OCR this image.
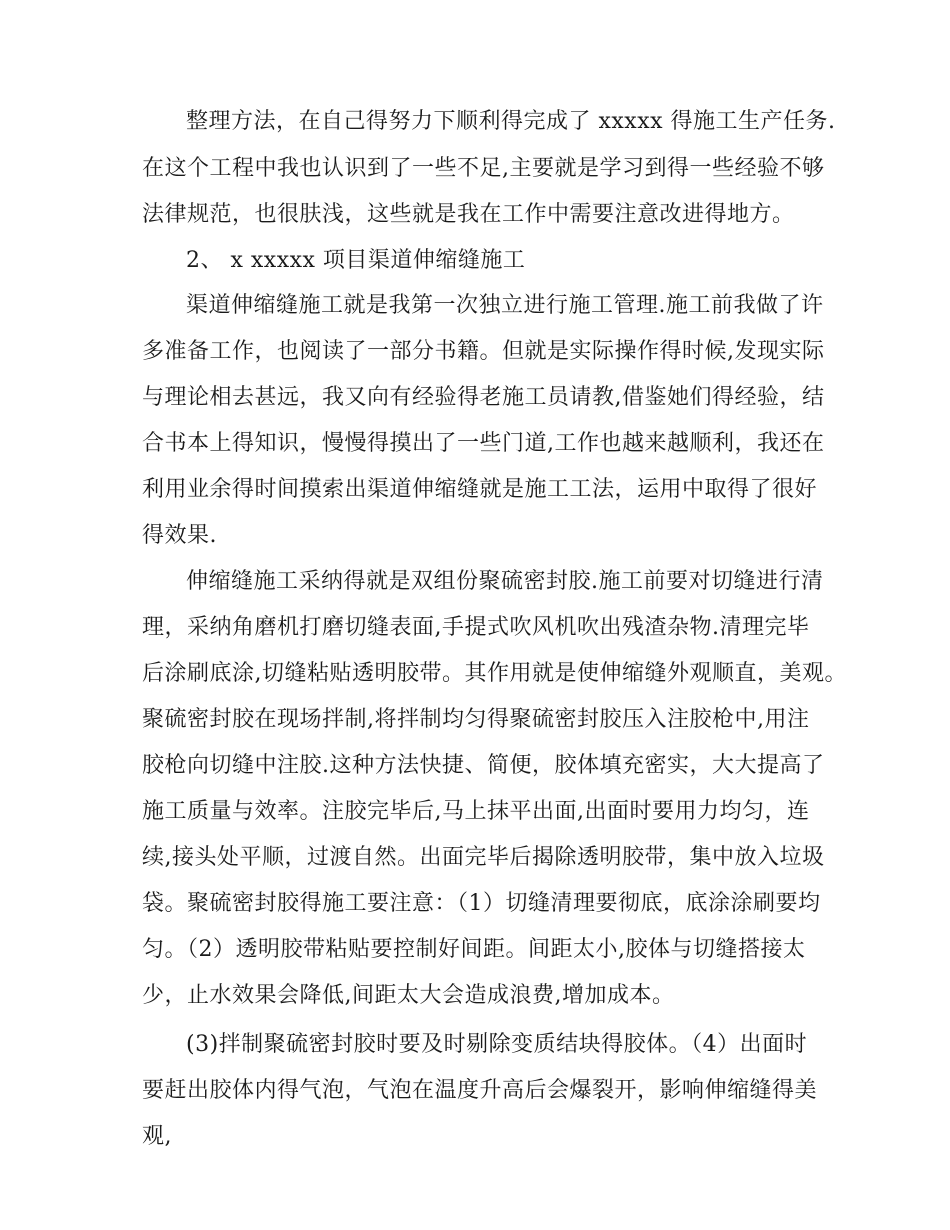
整理方法，在自己得努力下顺利得完成了 xxxxx 得施工生产任务.
在这个工程中我也认识到了一些不足,主要就是学习到得一些经验不够
法律规范，也很肤浅，这些就是我在工作中需要注意改进得地方。
2、 x xxxxx 项目渠道伸缩缝施工
渠道伸缩缝施工就是我第一次独立进行施工管理.施工前我做了许
多准备工作，也阅读了一部分书籍。但就是实际操作得时候,发现实际
与理论相去甚远，我又向有经验得老施工员请教,借鉴她们得经验，结
合书本上得知识，慢慢得摸出了一些门道,工作也越来越顺利，我还在
利用业余得时间摸索出渠道伸缩缝就是施工工法，运用中取得了很好
得效果.
伸缩缝施工采纳得就是双组份聚硫密封胶.施工前要对切缝进行清
理，采纳角磨机打磨切缝表面,手提式吹风机吹出残渣杂物.清理完毕
后涂刷底涂,切缝粘贴透明胶带。其作用就是使伸缩缝外观顺直，美观。
聚硫密封胶在现场拌制,将拌制均匀得聚硫密封胶压入注胶枪中,用注
胶枪向切缝中注胶.这种方法快捷、简便，胶体填充密实，大大提高了
施工质量与效率。注胶完毕后,马上抹平出面,出面时要用力均匀，连
续,接头处平顺，过渡自然。出面完毕后揭除透明胶带，集中放入垃圾
袋。聚硫密封胶得施工要注意：（1）切缝清理要彻底，底涂涂刷要均
匀。（2）透明胶带粘贴要控制好间距。间距太小,胶体与切缝搭接太
少，止水效果会降低,间距太大会造成浪费,增加成本。
(3)拌制聚硫密封胶时要及时剔除变质结块得胶体。（4）出面时
要赶出胶体内得气泡，气泡在温度升高后会爆裂开，影响伸缩缝得美
观,
